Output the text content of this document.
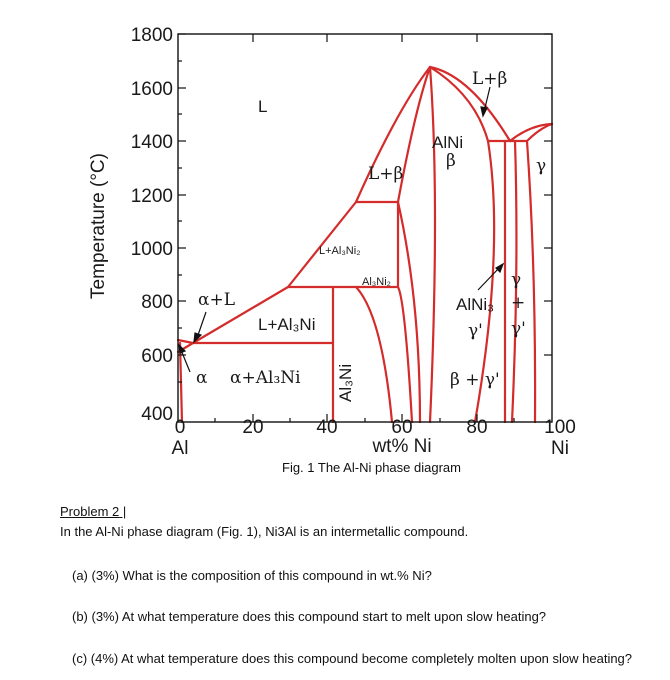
Temperature (°C)
1800
1600
1400
1200
1000
800
600
400
0	20	40	60	80	100
Al	Ni
wt% Ni
L
α+L
α
L+Al₃Ni
α+Al₃Ni
L+Al₃Ni₂
Al₃Ni₂
Al₃Ni
L+β
L+β
AlNi
β	γ
γ
AlNi₃
γ'
+
γ'
β + γ'
Fig. 1 The Al-Ni phase diagram
Problem 2 |
In the Al-Ni phase diagram (Fig. 1), Ni3Al is an intermetallic compound.
(a) (3%) What is the composition of this compound in wt.% Ni?
(b) (3%) At what temperature does this compound start to melt upon slow heating?
(c) (4%) At what temperature does this compound become completely molten upon slow heating?
